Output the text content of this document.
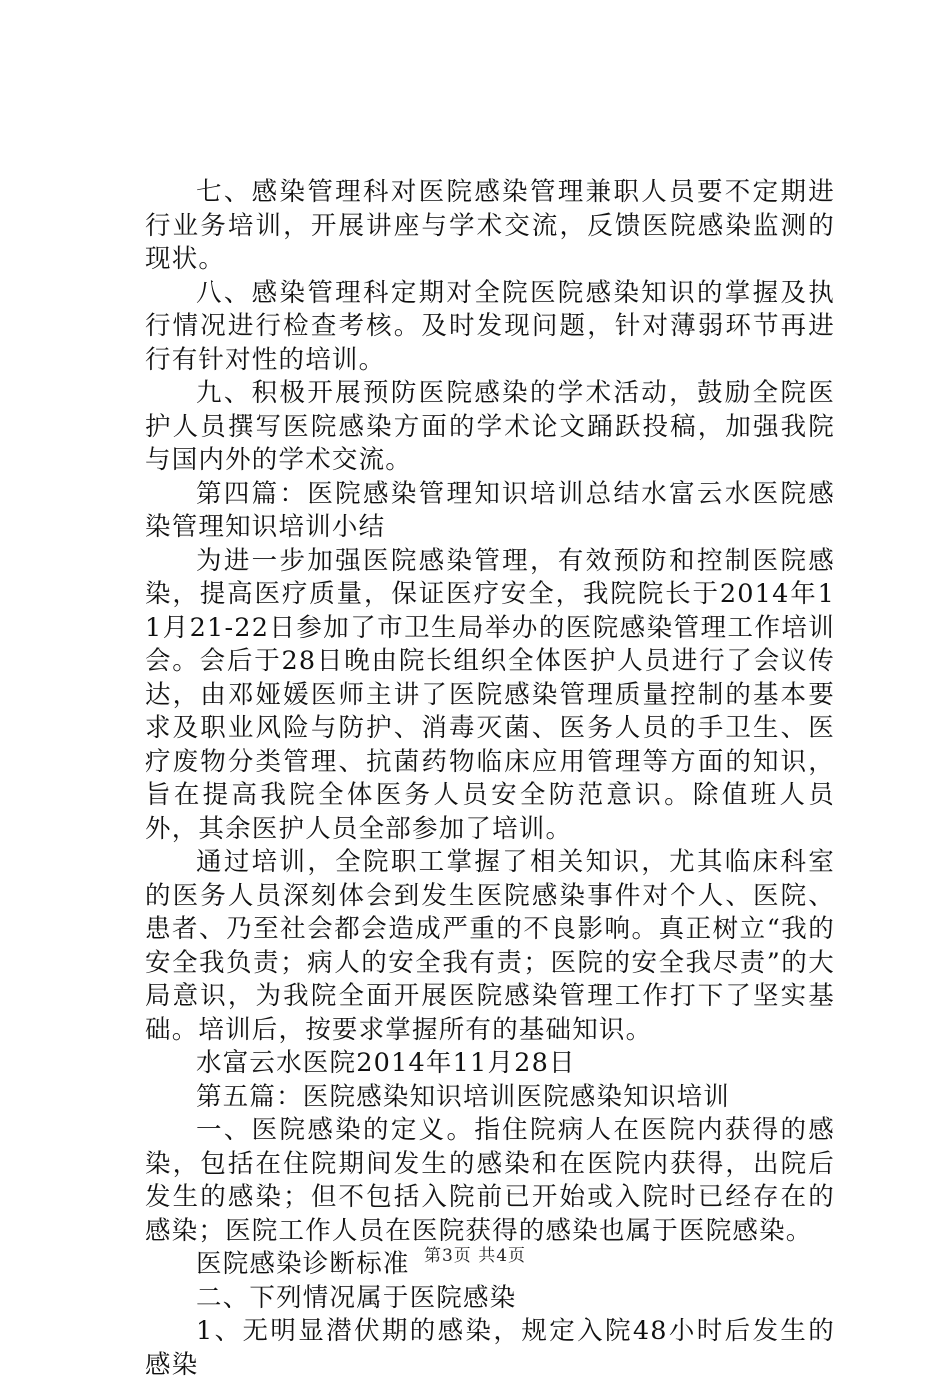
七、感染管理科对医院感染管理兼职人员要不定期进行业务培训，开展讲座与学术交流，反馈医院感染监测的现状。

八、感染管理科定期对全院医院感染知识的掌握及执行情况进行检查考核。及时发现问题，针对薄弱环节再进行有针对性的培训。

九、积极开展预防医院感染的学术活动，鼓励全院医护人员撰写医院感染方面的学术论文踊跃投稿，加强我院与国内外的学术交流。

第四篇：医院感染管理知识培训总结水富云水医院感染管理知识培训小结

为进一步加强医院感染管理，有效预防和控制医院感染，提高医疗质量，保证医疗安全，我院院长于2014年11月21-22日参加了市卫生局举办的医院感染管理工作培训会。会后于28日晚由院长组织全体医护人员进行了会议传达，由邓娅媛医师主讲了医院感染管理质量控制的基本要求及职业风险与防护、消毒灭菌、医务人员的手卫生、医疗废物分类管理、抗菌药物临床应用管理等方面的知识，旨在提高我院全体医务人员安全防范意识。除值班人员外，其余医护人员全部参加了培训。

通过培训，全院职工掌握了相关知识，尤其临床科室的医务人员深刻体会到发生医院感染事件对个人、医院、患者、乃至社会都会造成严重的不良影响。真正树立“我的安全我负责；病人的安全我有责；医院的安全我尽责”的大局意识，为我院全面开展医院感染管理工作打下了坚实基础。培训后，按要求掌握所有的基础知识。

水富云水医院2014年11月28日

第五篇：医院感染知识培训医院感染知识培训

一、医院感染的定义。指住院病人在医院内获得的感染，包括在住院期间发生的感染和在医院内获得，出院后发生的感染；但不包括入院前已开始或入院时已经存在的感染；医院工作人员在医院获得的感染也属于医院感染。

医院感染诊断标准

二、下列情况属于医院感染

1、无明显潜伏期的感染，规定入院48小时后发生的感染

第3页 共4页
